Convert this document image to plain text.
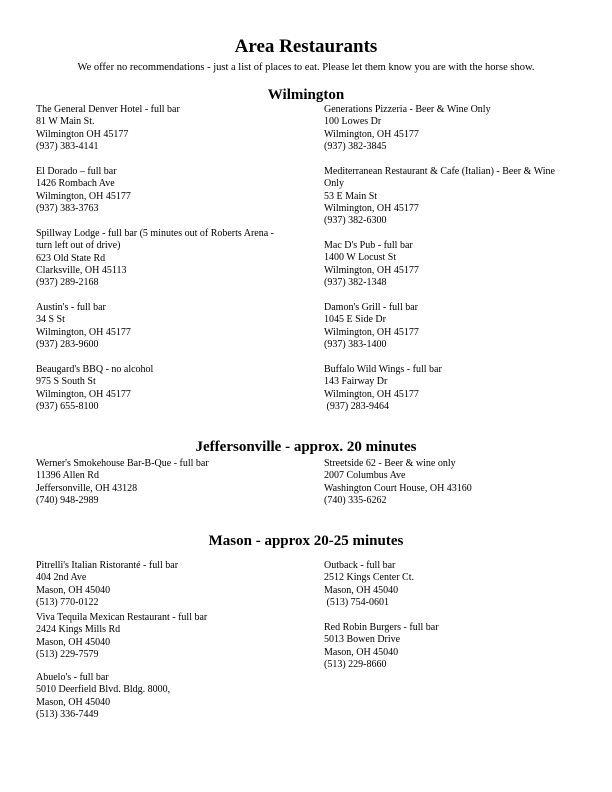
Area Restaurants
We offer no recommendations - just a list of places to eat. Please let them know you are with the horse show.
Wilmington
The General Denver Hotel - full bar
81 W Main St.
Wilmington OH 45177
(937) 383-4141
Generations Pizzeria - Beer & Wine Only
100 Lowes Dr
Wilmington, OH 45177
(937) 382-3845
El Dorado – full bar
1426 Rombach Ave
Wilmington, OH 45177
(937) 383-3763
Mediterranean Restaurant & Cafe (Italian) - Beer & Wine Only
53 E Main St
Wilmington, OH 45177
(937) 382-6300
Spillway Lodge - full bar (5 minutes out of Roberts Arena - turn left out of drive)
623 Old State Rd
Clarksville, OH 45113
(937) 289-2168
Mac D's Pub - full bar
1400 W Locust St
Wilmington, OH 45177
(937) 382-1348
Austin's - full bar
34 S St
Wilmington, OH 45177
(937) 283-9600
Damon's Grill - full bar
1045 E Side Dr
Wilmington, OH 45177
(937) 383-1400
Beaugard's BBQ - no alcohol
975 S South St
Wilmington, OH 45177
(937) 655-8100
Buffalo Wild Wings - full bar
143 Fairway Dr
Wilmington, OH 45177
(937) 283-9464
Jeffersonville - approx. 20 minutes
Werner's Smokehouse Bar-B-Que - full bar
11396 Allen Rd
Jeffersonville, OH 43128
(740) 948-2989
Streetside 62 - Beer & wine only
2007 Columbus Ave
Washington Court House, OH 43160
(740) 335-6262
Mason - approx 20-25 minutes
Pitrelli's Italian Ristoranté - full bar
404 2nd Ave
Mason, OH 45040
(513) 770-0122
Outback - full bar
2512 Kings Center Ct.
Mason, OH 45040
(513) 754-0601
Viva Tequila Mexican Restaurant - full bar
2424 Kings Mills Rd
Mason, OH 45040
(513) 229-7579
Red Robin Burgers - full bar
5013 Bowen Drive
Mason, OH 45040
(513) 229-8660
Abuelo's - full bar
5010 Deerfield Blvd. Bldg. 8000,
Mason, OH 45040
(513) 336-7449
